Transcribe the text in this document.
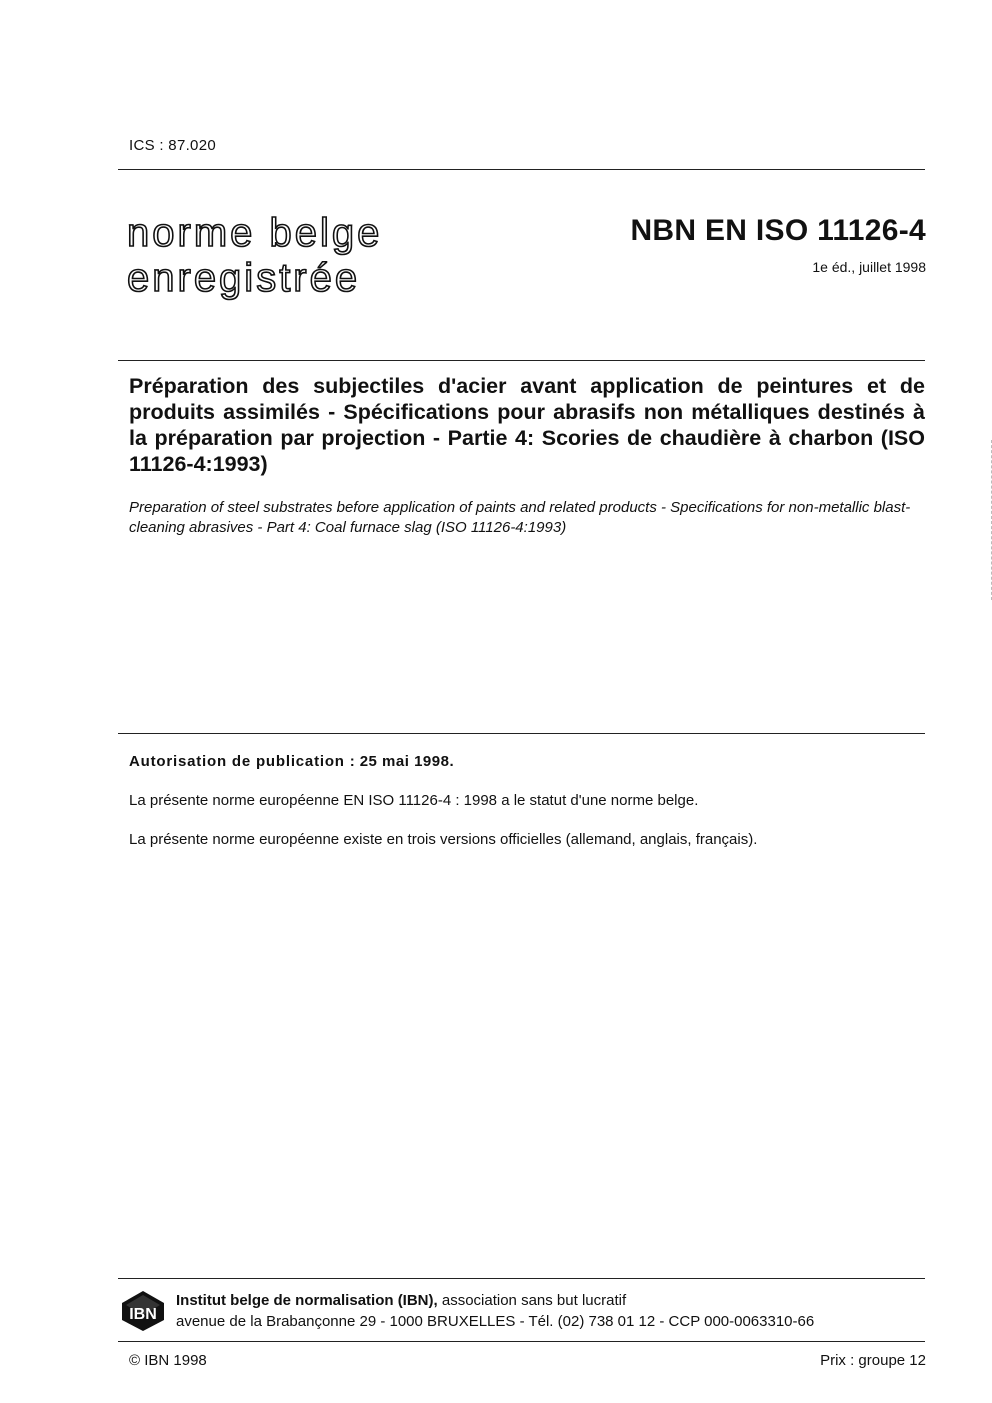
ICS : 87.020
norme belge
enregistrée
NBN EN ISO 11126-4
1e éd., juillet 1998
Préparation des subjectiles d'acier avant application de peintures et de produits assimilés - Spécifications pour abrasifs non métalliques destinés à la préparation par projection - Partie 4: Scories de chaudière à charbon (ISO 11126-4:1993)
Preparation of steel substrates before application of paints and related products - Specifications for non-metallic blast-cleaning abrasives - Part 4: Coal furnace slag (ISO 11126-4:1993)
Autorisation de publication : 25 mai 1998.
La présente norme européenne EN ISO 11126-4 : 1998 a le statut d'une norme belge.
La présente norme européenne existe en trois versions officielles (allemand, anglais, français).
IBN
Institut belge de normalisation (IBN), association sans but lucratif
avenue de la Brabançonne 29 - 1000 BRUXELLES - Tél. (02) 738 01 12 - CCP 000-0063310-66
© IBN 1998	Prix : groupe 12
